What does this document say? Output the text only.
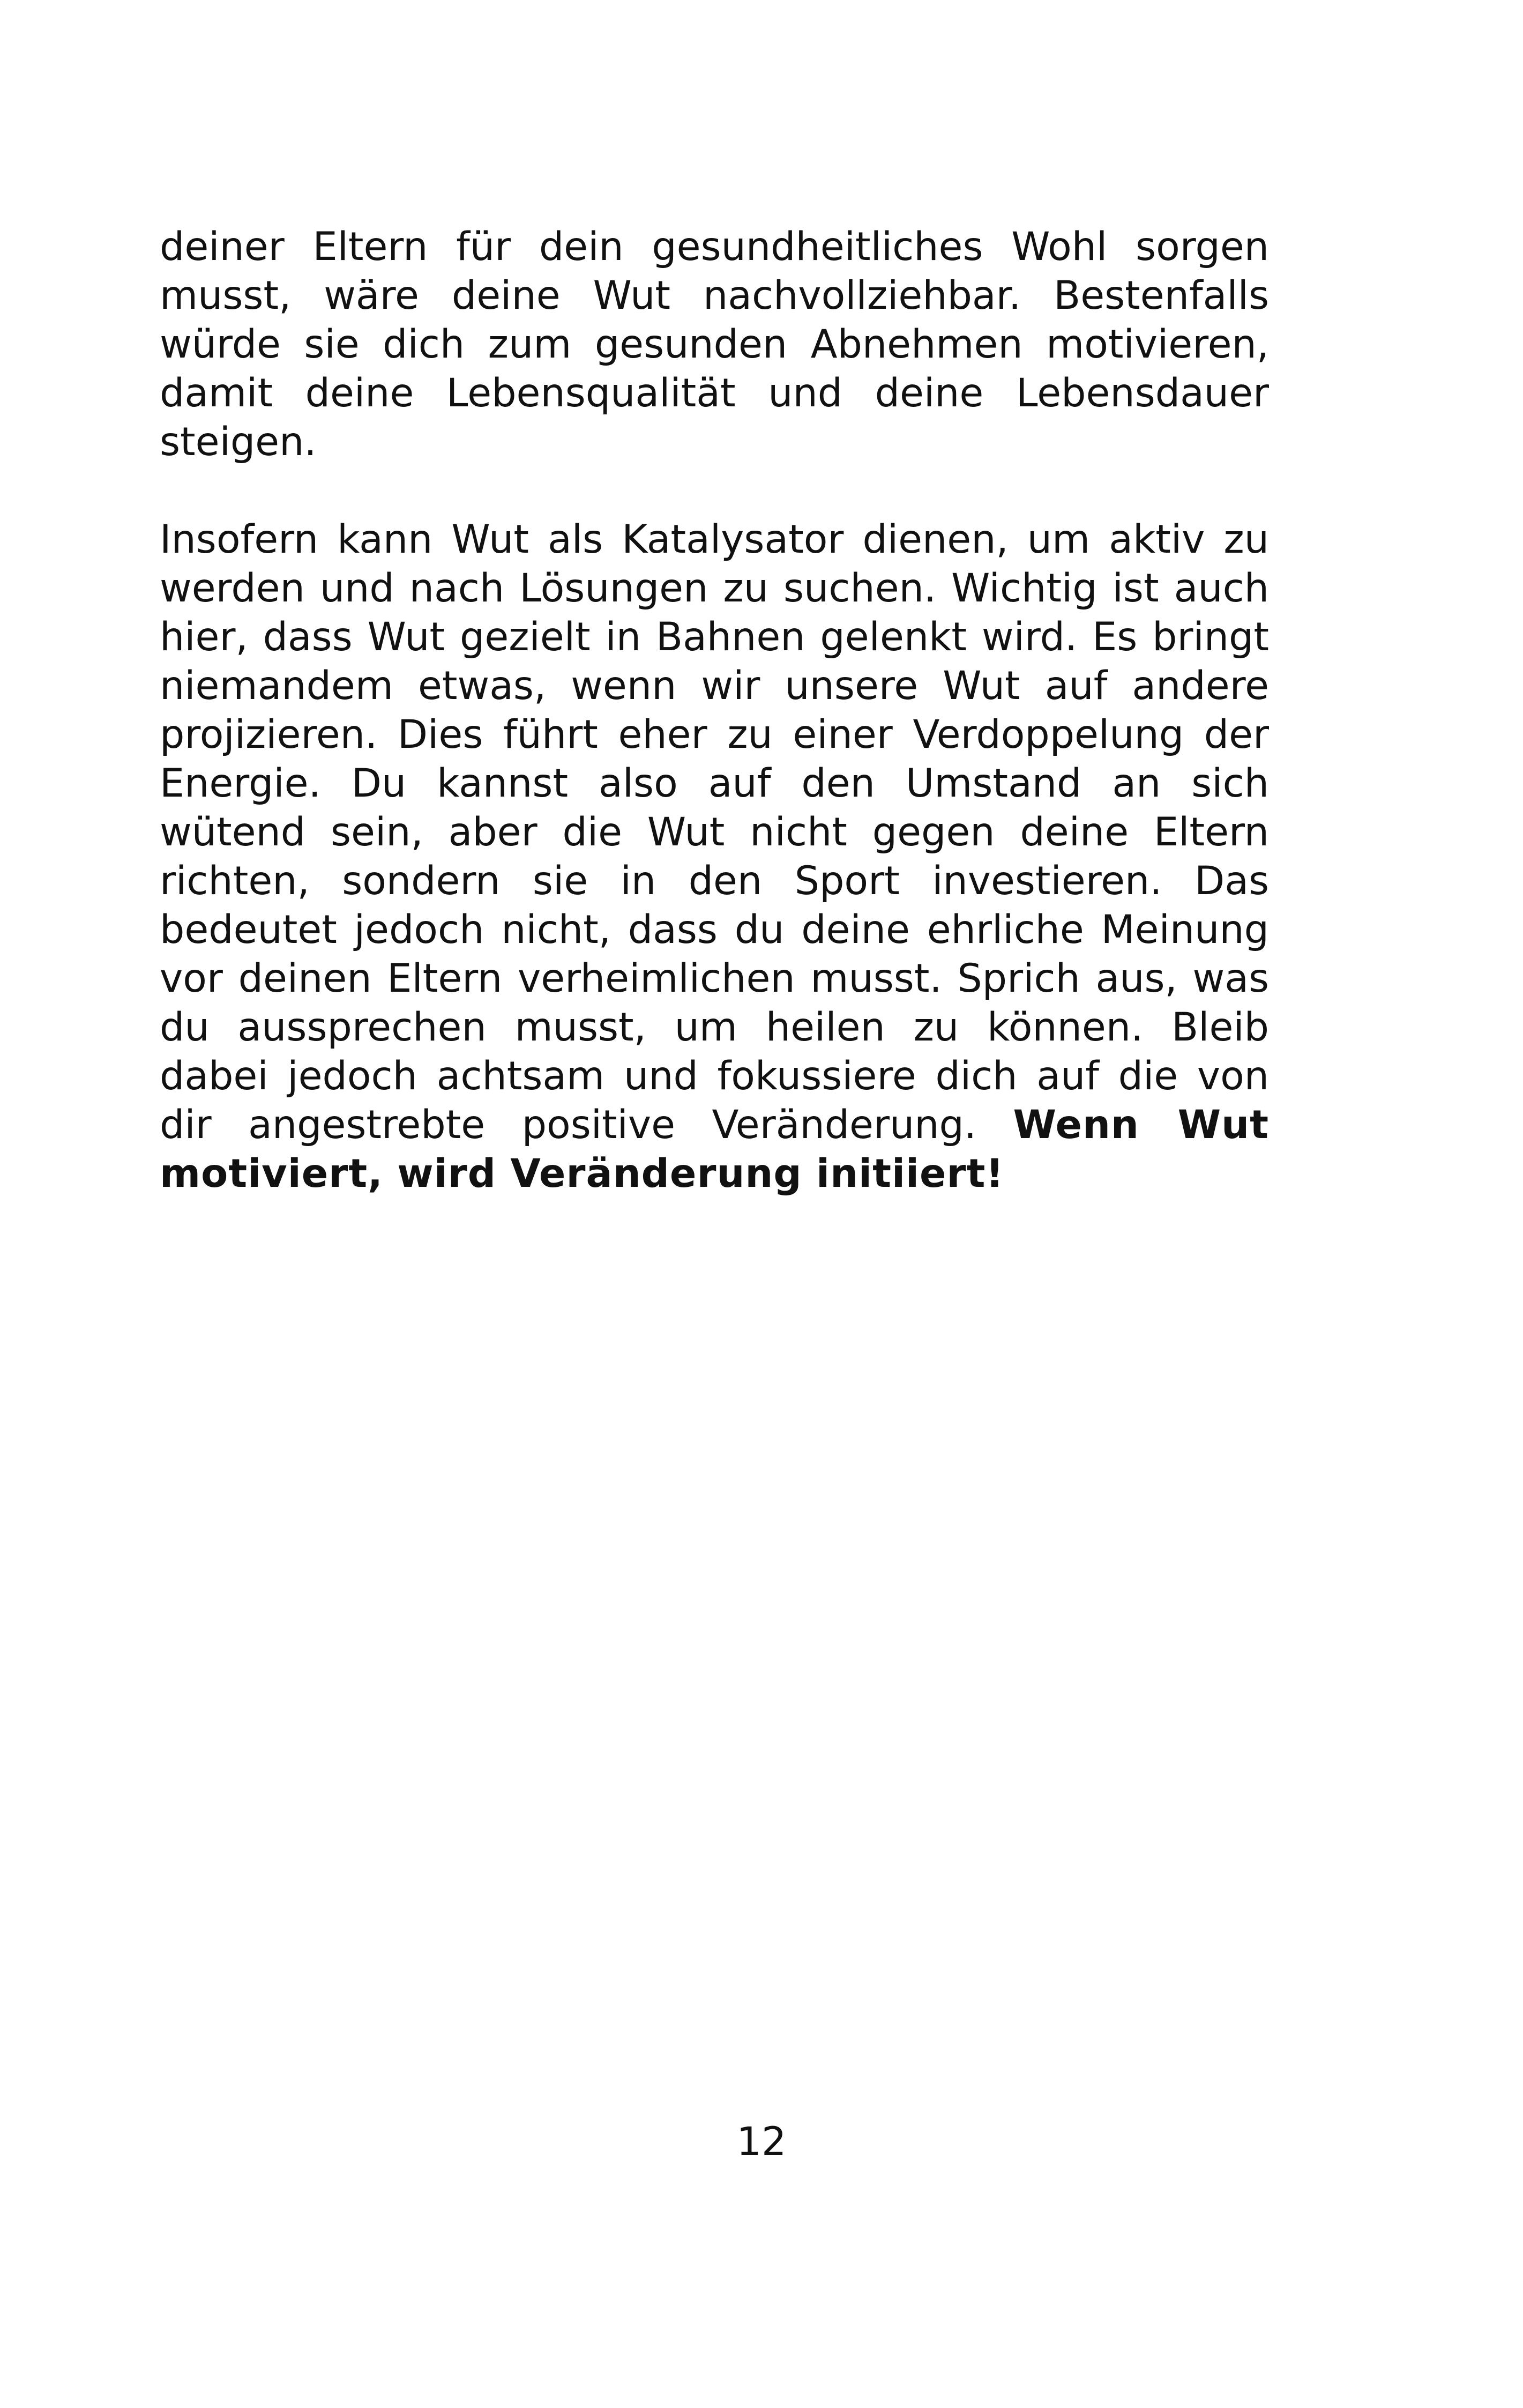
deiner Eltern für dein gesundheitliches Wohl sorgen musst, wäre deine Wut nachvollziehbar. Bestenfalls würde sie dich zum gesunden Abnehmen motivieren, damit deine Lebensqualität und deine Lebensdauer steigen.

Insofern kann Wut als Katalysator dienen, um aktiv zu werden und nach Lösungen zu suchen. Wichtig ist auch hier, dass Wut gezielt in Bahnen gelenkt wird. Es bringt niemandem etwas, wenn wir unsere Wut auf andere projizieren. Dies führt eher zu einer Verdoppelung der Energie. Du kannst also auf den Umstand an sich wütend sein, aber die Wut nicht gegen deine Eltern richten, sondern sie in den Sport investieren. Das bedeutet jedoch nicht, dass du deine ehrliche Meinung vor deinen Eltern verheimlichen musst. Sprich aus, was du aussprechen musst, um heilen zu können. Bleib dabei jedoch achtsam und fokussiere dich auf die von dir angestrebte positive Veränderung. Wenn Wut motiviert, wird Veränderung initiiert!

12
